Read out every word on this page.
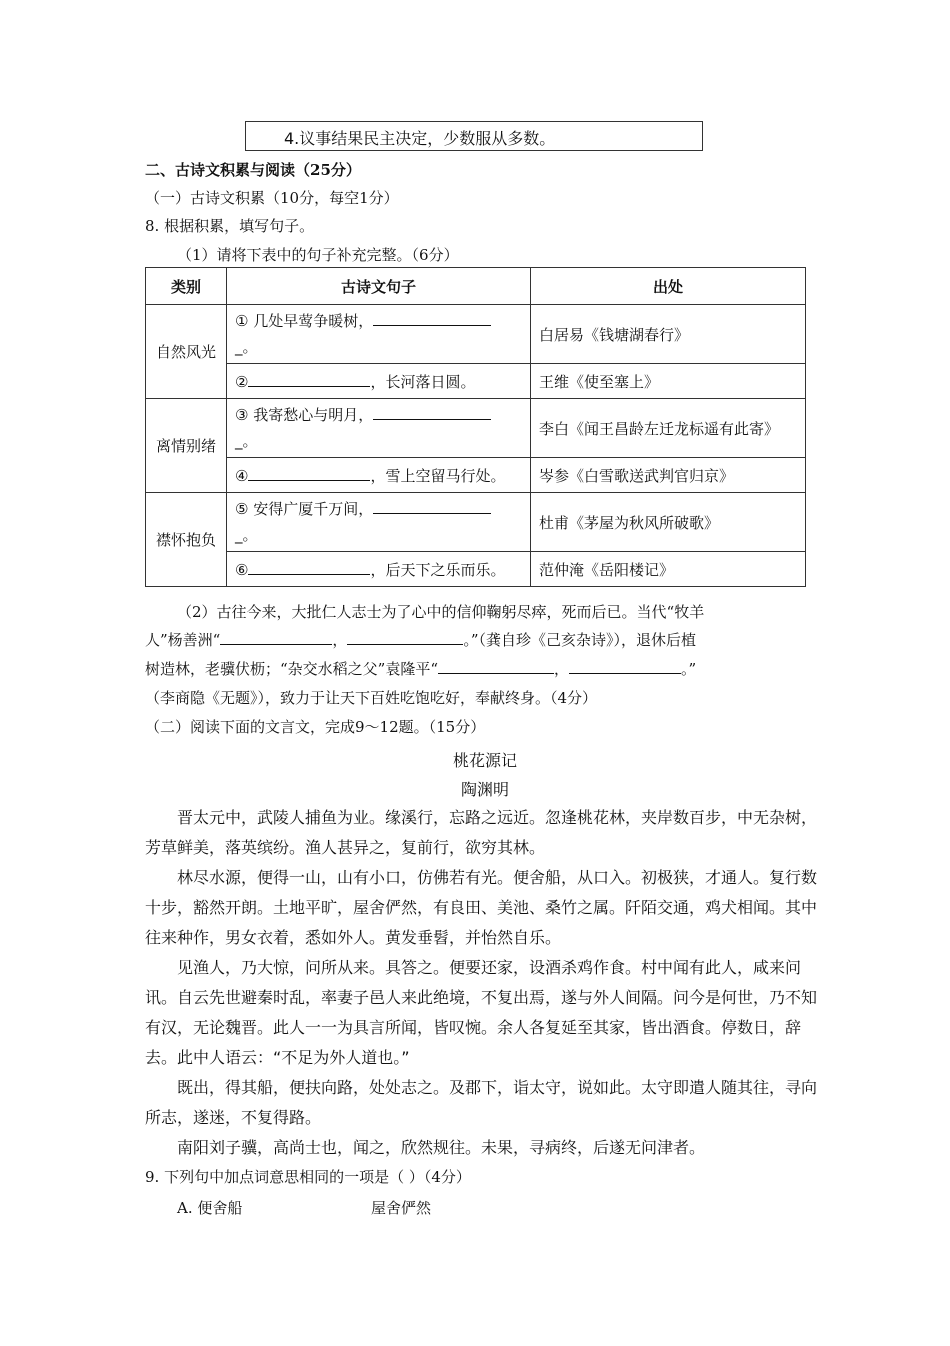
4.议事结果民主决定，少数服从多数。
二、古诗文积累与阅读（25分）
（一）古诗文积累（10分，每空1分）
8. 根据积累，填写句子。
（1）请将下表中的句子补充完整。（6分）
类别	古诗文句子	出处
自然风光	① 几处早莺争暖树，
_。	白居易《钱塘湖春行》
	② ，长河落日圆。	王维《使至塞上》
离情别绪	③ 我寄愁心与明月，
_。	李白《闻王昌龄左迁龙标遥有此寄》
	④ ，雪上空留马行处。	岑参《白雪歌送武判官归京》
襟怀抱负	⑤ 安得广厦千万间，
_。	杜甫《茅屋为秋风所破歌》
	⑥ ，后天下之乐而乐。	范仲淹《岳阳楼记》
（2）古往今来，大批仁人志士为了心中的信仰鞠躬尽瘁，死而后已。当代“牧羊
人”杨善洲“	，	。”（龚自珍《己亥杂诗》），退休后植
树造林，老骥伏枥；“杂交水稻之父”袁隆平“	，	。”
（李商隐《无题》），致力于让天下百姓吃饱吃好，奉献终身。（4分）
（二）阅读下面的文言文，完成9～12题。（15分）
桃花源记
陶渊明

晋太元中，武陵人捕鱼为业。缘溪行，忘路之远近。忽逢桃花林，夹岸数百步，中无杂树，芳草鲜美，落英缤纷。渔人甚异之，复前行，欲穷其林。

林尽水源，便得一山，山有小口，仿佛若有光。便舍船，从口入。初极狭，才通人。复行数十步，豁然开朗。土地平旷，屋舍俨然，有良田、美池、桑竹之属。阡陌交通，鸡犬相闻。其中往来种作，男女衣着，悉如外人。黄发垂髫，并怡然自乐。

见渔人，乃大惊，问所从来。具答之。便要还家，设酒杀鸡作食。村中闻有此人，咸来问讯。自云先世避秦时乱，率妻子邑人来此绝境，不复出焉，遂与外人间隔。问今是何世，乃不知有汉，无论魏晋。此人一一为具言所闻，皆叹惋。余人各复延至其家，皆出酒食。停数日，辞去。此中人语云：“不足为外人道也。”

既出，得其船，便扶向路，处处志之。及郡下，诣太守，说如此。太守即遣人随其往，寻向所志，遂迷，不复得路。

南阳刘子骥，高尚士也，闻之，欣然规往。未果，寻病终，后遂无问津者。

9. 下列句中加点词意思相同的一项是（ ）（4分）
A. 便舍船	屋舍俨然
